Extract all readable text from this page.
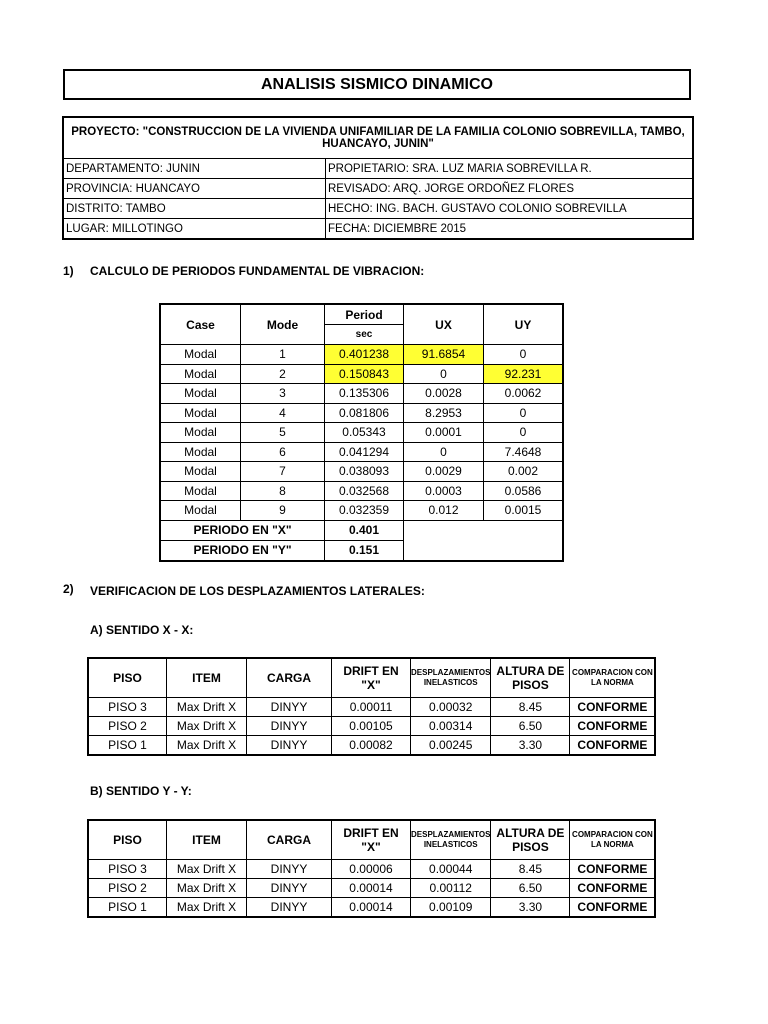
ANALISIS SISMICO DINAMICO
PROYECTO: "CONSTRUCCION DE LA VIVIENDA UNIFAMILIAR DE LA FAMILIA COLONIO SOBREVILLA, TAMBO, HUANCAYO, JUNIN"	
DEPARTAMENTO: JUNIN	PROPIETARIO: SRA. LUZ MARIA SOBREVILLA R.
PROVINCIA: HUANCAYO	REVISADO: ARQ. JORGE ORDOÑEZ FLORES
DISTRITO: TAMBO	HECHO: ING. BACH. GUSTAVO COLONIO SOBREVILLA
LUGAR: MILLOTINGO	FECHA: DICIEMBRE 2015
1) CALCULO DE PERIODOS FUNDAMENTAL DE VIBRACION:
Case	Mode	Period	UX	UY
		sec		
Modal	1	0.401238	91.6854	0
Modal	2	0.150843	0	92.231
Modal	3	0.135306	0.0028	0.0062
Modal	4	0.081806	8.2953	0
Modal	5	0.05343	0.0001	0
Modal	6	0.041294	0	7.4648
Modal	7	0.038093	0.0029	0.002
Modal	8	0.032568	0.0003	0.0586
Modal	9	0.032359	0.012	0.0015
PERIODO EN "X"		0.401		
PERIODO EN "Y"		0.151		
2) VERIFICACION DE LOS DESPLAZAMIENTOS LATERALES:
A) SENTIDO X - X:
PISO	ITEM	CARGA	DRIFT EN "X"	DESPLAZAMIENTOS INELASTICOS	ALTURA DE PISOS	COMPARACION CON LA NORMA
PISO 3	Max Drift X	DINYY	0.00011	0.00032	8.45	CONFORME
PISO 2	Max Drift X	DINYY	0.00105	0.00314	6.50	CONFORME
PISO 1	Max Drift X	DINYY	0.00082	0.00245	3.30	CONFORME
B) SENTIDO Y - Y:
PISO	ITEM	CARGA	DRIFT EN "X"	DESPLAZAMIENTOS INELASTICOS	ALTURA DE PISOS	COMPARACION CON LA NORMA
PISO 3	Max Drift X	DINYY	0.00006	0.00044	8.45	CONFORME
PISO 2	Max Drift X	DINYY	0.00014	0.00112	6.50	CONFORME
PISO 1	Max Drift X	DINYY	0.00014	0.00109	3.30	CONFORME
